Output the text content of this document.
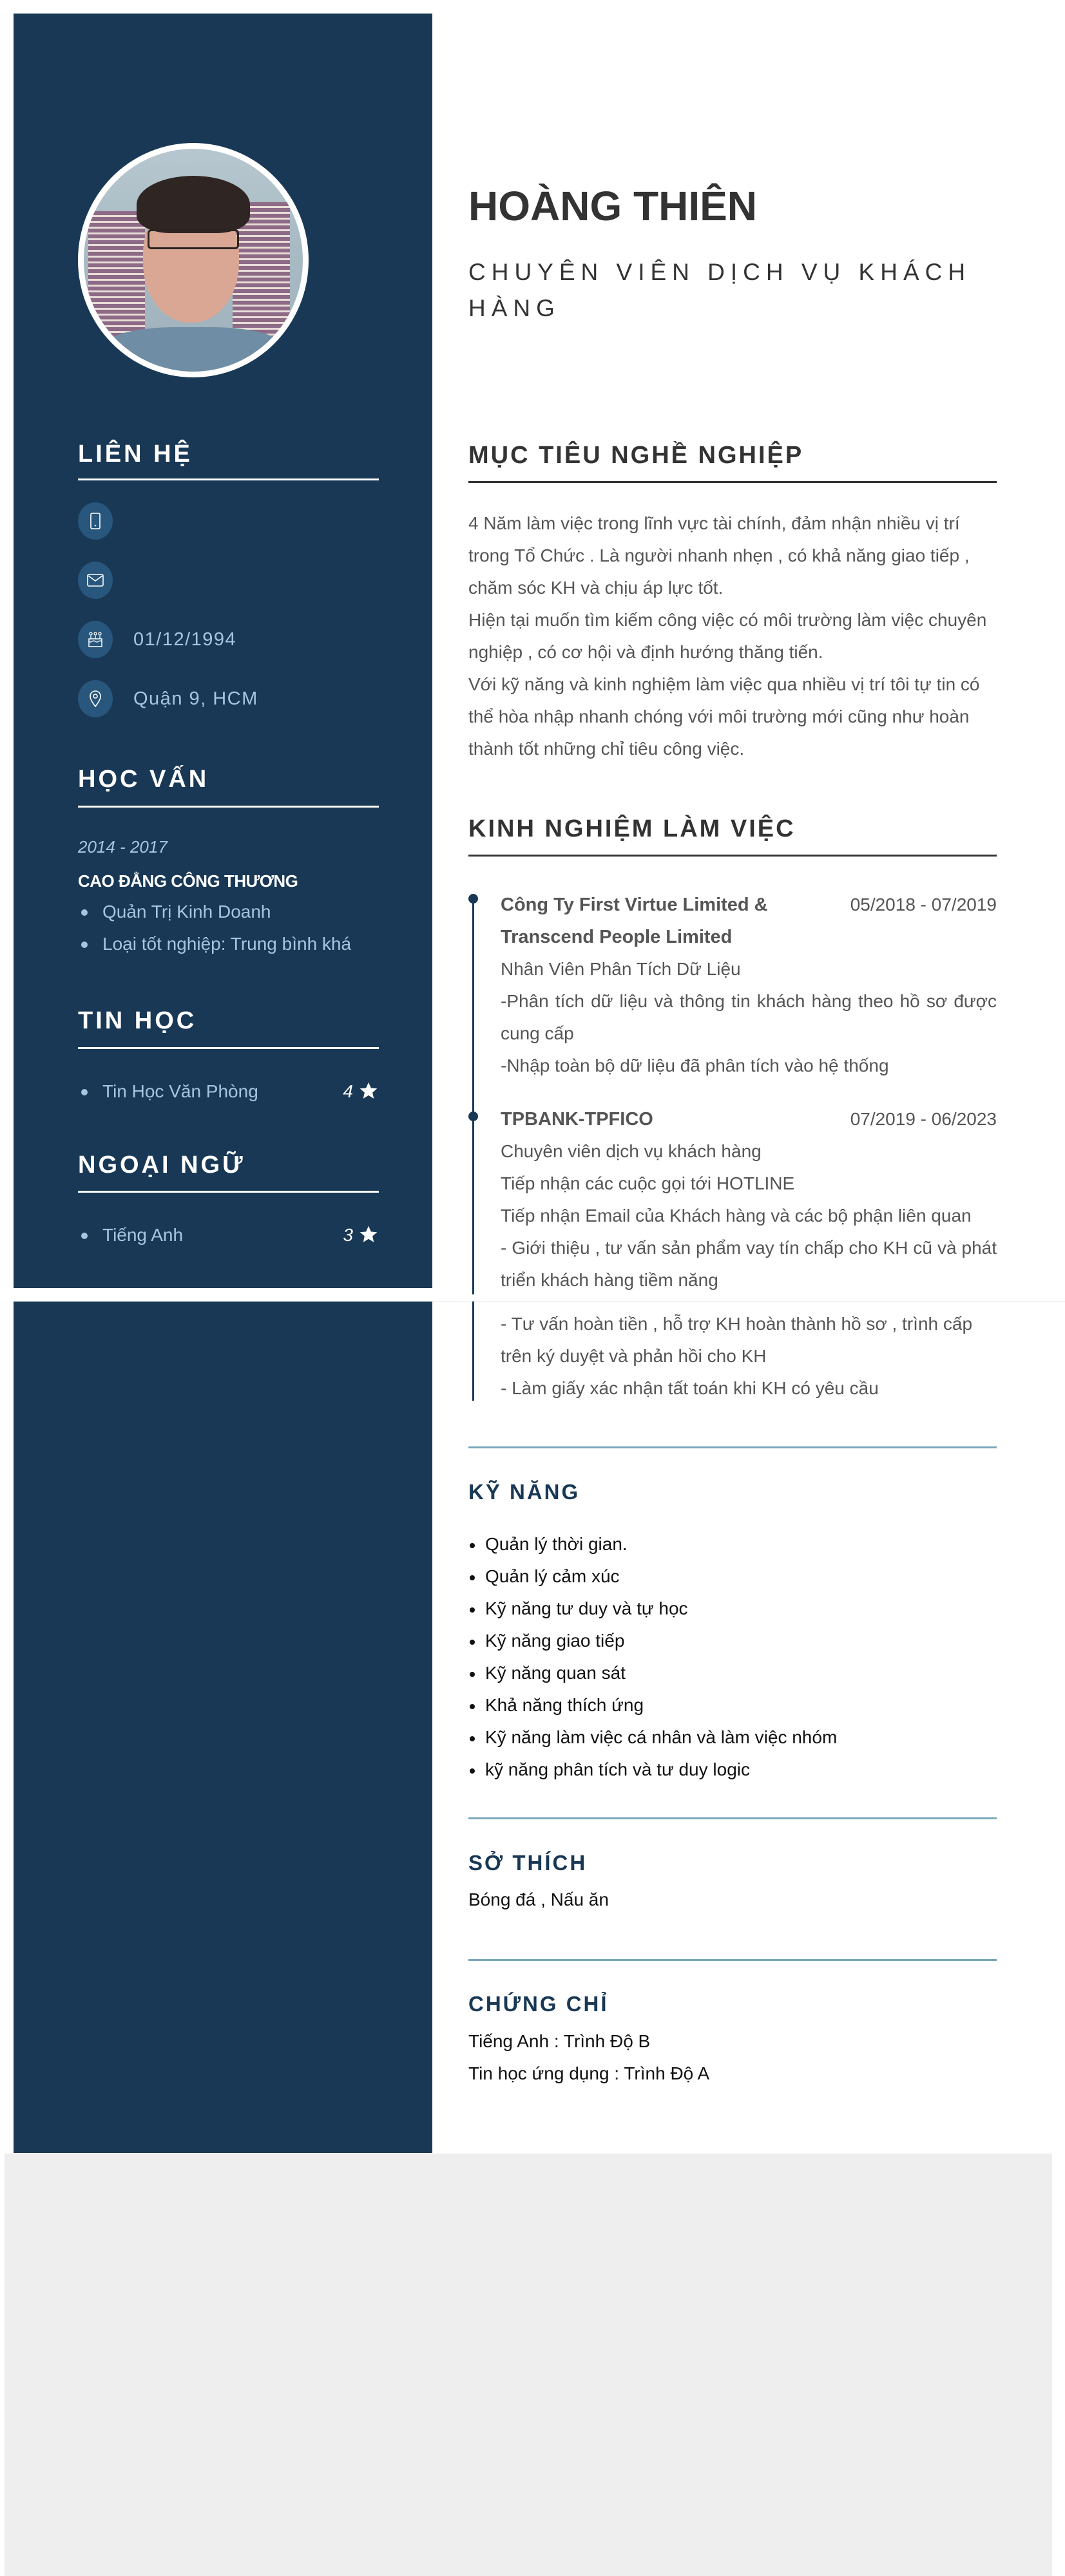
LIÊN HỆ
01/12/1994
Quận 9, HCM
HỌC VẤN
2014 - 2017
CAO ĐẲNG CÔNG THƯƠNG
Quản Trị Kinh Doanh
Loại tốt nghiệp: Trung bình khá
TIN HỌC
Tin Học Văn Phòng	4
NGOẠI NGỮ
Tiếng Anh	3
HOÀNG THIÊN

CHUYÊN VIÊN DỊCH VỤ KHÁCH HÀNG

MỤC TIÊU NGHỀ NGHIỆP
4 Năm làm việc trong lĩnh vực tài chính, đảm nhận nhiều vị trí trong Tổ Chức . Là người nhanh nhẹn , có khả năng giao tiếp , chăm sóc KH và chịu áp lực tốt.
Hiện tại muốn tìm kiếm công việc có môi trường làm việc chuyên nghiệp , có cơ hội và định hướng thăng tiến.
Với kỹ năng và kinh nghiệm làm việc qua nhiều vị trí tôi tự tin có thể hòa nhập nhanh chóng với môi trường mới cũng như hoàn thành tốt những chỉ tiêu công việc.
KINH NGHIỆM LÀM VIỆC
Công Ty First Virtue Limited & Transcend People Limited
05/2018 - 07/2019
Nhân Viên Phân Tích Dữ Liệu
-Phân tích dữ liệu và thông tin khách hàng theo hồ sơ được cung cấp
-Nhập toàn bộ dữ liệu đã phân tích vào hệ thống
TPBANK-TPFICO	07/2019 - 06/2023
Chuyên viên dịch vụ khách hàng
Tiếp nhận các cuộc gọi tới HOTLINE
Tiếp nhận Email của Khách hàng và các bộ phận liên quan
- Giới thiệu , tư vấn sản phẩm vay tín chấp cho KH cũ và phát triển khách hàng tiềm năng
- Tư vấn hoàn tiền , hỗ trợ KH hoàn thành hồ sơ , trình cấp trên ký duyệt và phản hồi cho KH
- Làm giấy xác nhận tất toán khi KH có yêu cầu
KỸ NĂNG
Quản lý thời gian.
Quản lý cảm xúc
Kỹ năng tư duy và tự học
Kỹ năng giao tiếp
Kỹ năng quan sát
Khả năng thích ứng
Kỹ năng làm việc cá nhân và làm việc nhóm
kỹ năng phân tích và tư duy logic
SỞ THÍCH

Bóng đá , Nấu ăn

CHỨNG CHỈ

Tiếng Anh : Trình Độ B

Tin học ứng dụng : Trình Độ A
